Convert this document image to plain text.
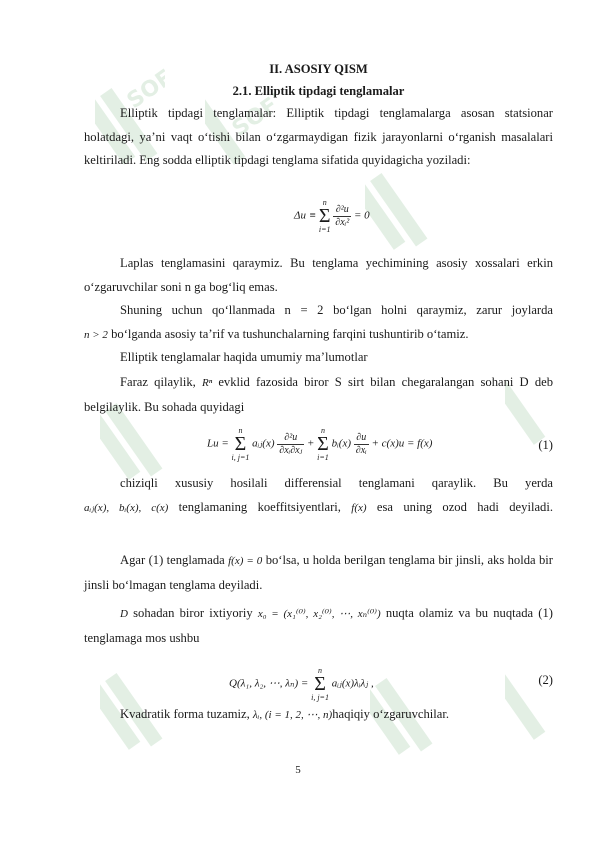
SOFF SOFF
II. ASOSIY QISM
2.1. Elliptik tipdagi tenglamalar

Elliptik tipdagi tenglamalar: Elliptik tipdagi tenglamalarga asosan statsionar holatdagi, ya’ni vaqt o‘tishi bilan o‘zgarmaydigan fizik jarayonlarni o‘rganish masalalari keltiriladi. Eng sodda elliptik tipdagi tenglama sifatida quyidagicha yoziladi:

Δu ≡ n
Σ
i=1
$\frac{\text{∂²u}}{\text{∂xᵢ²}} = 0$

Laplas tenglamasini qaraymiz. Bu tenglama yechimining asosiy xossalari erkin o‘zgaruvchilar soni n ga bog‘liq emas.

Shuning uchun qo‘llanmada n = 2 bo‘lgan holni qaraymiz, zarur joylarda
n > 2 bo‘lganda asosiy ta’rif va tushunchalarning farqini tushuntirib o‘tamiz.

Elliptik tenglamalar haqida umumiy ma’lumotlar

Faraz qilaylik, Rⁿ evklid fazosida biror S sirt bilan chegaralangan sohani D deb belgilaylik. Bu sohada quyidagi

Lu = n
Σ
i, j=1 aᵢⱼ(x) $\frac{\text{∂²u}}{\text{∂xᵢ∂xⱼ}} + n$
Σ
i=1 bᵢ(x) $\frac{\partial u}{\text{∂xᵢ}} + c(x)u = f(x)$	(1)
chiziqli xususiy hosilali differensial tenglamani qaraylik. Bu yerda
aᵢⱼ(x), bᵢ(x), c(x) tenglamaning koeffitsiyentlari, f(x) esa uning ozod hadi deyiladi.

Agar (1) tenglamada f(x) = 0 bo‘lsa, u holda berilgan tenglama bir jinsli, aks holda bir jinsli bo‘lmagan tenglama deyiladi.

D sohadan biror ixtiyoriy x₀ = (x₁⁽⁰⁾, x₂⁽⁰⁾, ⋯, xₙ⁽⁰⁾) nuqta olamiz va bu nuqtada (1) tenglamaga mos ushbu

Q(λ₁, λ₂, ⋯, λₙ) = n
Σ
i, j=1 aᵢⱼ(x)λᵢλⱼ ,	(2)

Kvadratik forma tuzamiz, λᵢ, (i = 1, 2, ⋯, n)haqiqiy o‘zgaruvchilar.

5
